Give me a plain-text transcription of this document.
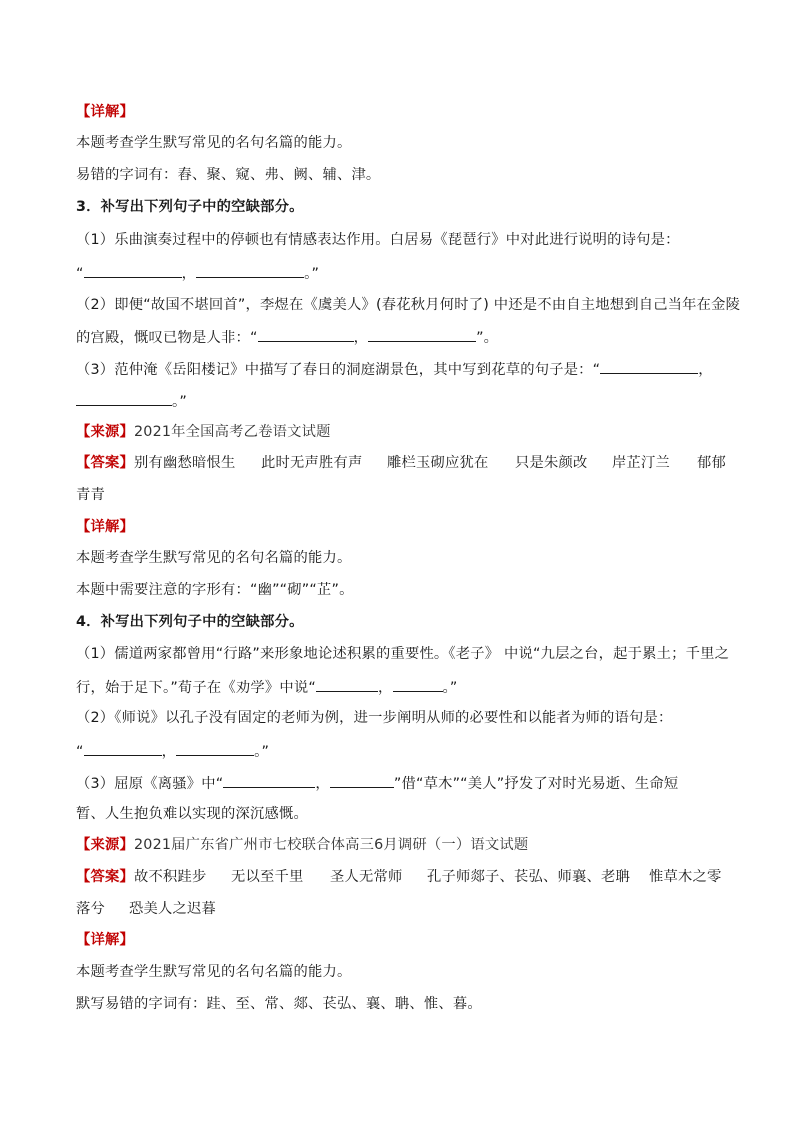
【详解】
本题考查学生默写常见的名句名篇的能力。
易错的字词有：舂、聚、窥、弗、阙、辅、津。
3．补写出下列句子中的空缺部分。
（1）乐曲演奏过程中的停顿也有情感表达作用。白居易《琵琶行》中对此进行说明的诗句是：
“	，	。”
（2）即便“故国不堪回首”，李煜在《虞美人》(春花秋月何时了) 中还是不由自主地想到自己当年在金陵
的宫殿，慨叹已物是人非：“	，	”。
（3）范仲淹《岳阳楼记》中描写了春日的洞庭湖景色，其中写到花草的句子是：“	，
。”
【来源】2021年全国高考乙卷语文试题
【答案】别有幽愁暗恨生 此时无声胜有声 雕栏玉砌应犹在 只是朱颜改 岸芷汀兰 郁郁
青青
【详解】
本题考查学生默写常见的名句名篇的能力。
本题中需要注意的字形有：“幽”“砌”“芷”。
4．补写出下列句子中的空缺部分。
（1）儒道两家都曾用“行路”来形象地论述积累的重要性。《老子》 中说“九层之台，起于累土；千里之
行，始于足下。”荀子在《劝学》中说“	，	。”
（2）《师说》以孔子没有固定的老师为例，进一步阐明从师的必要性和以能者为师的语句是：
“	，	。”
（3）屈原《离骚》中“	，	”借“草木”“美人”抒发了对时光易逝、生命短
暂、人生抱负难以实现的深沉感慨。
【来源】2021届广东省广州市七校联合体高三6月调研（一）语文试题
【答案】故不积跬步 无以至千里 圣人无常师 孔子师郯子、苌弘、师襄、老聃 惟草木之零
落兮 恐美人之迟暮
【详解】
本题考查学生默写常见的名句名篇的能力。
默写易错的字词有：跬、至、常、郯、苌弘、襄、聃、惟、暮。
